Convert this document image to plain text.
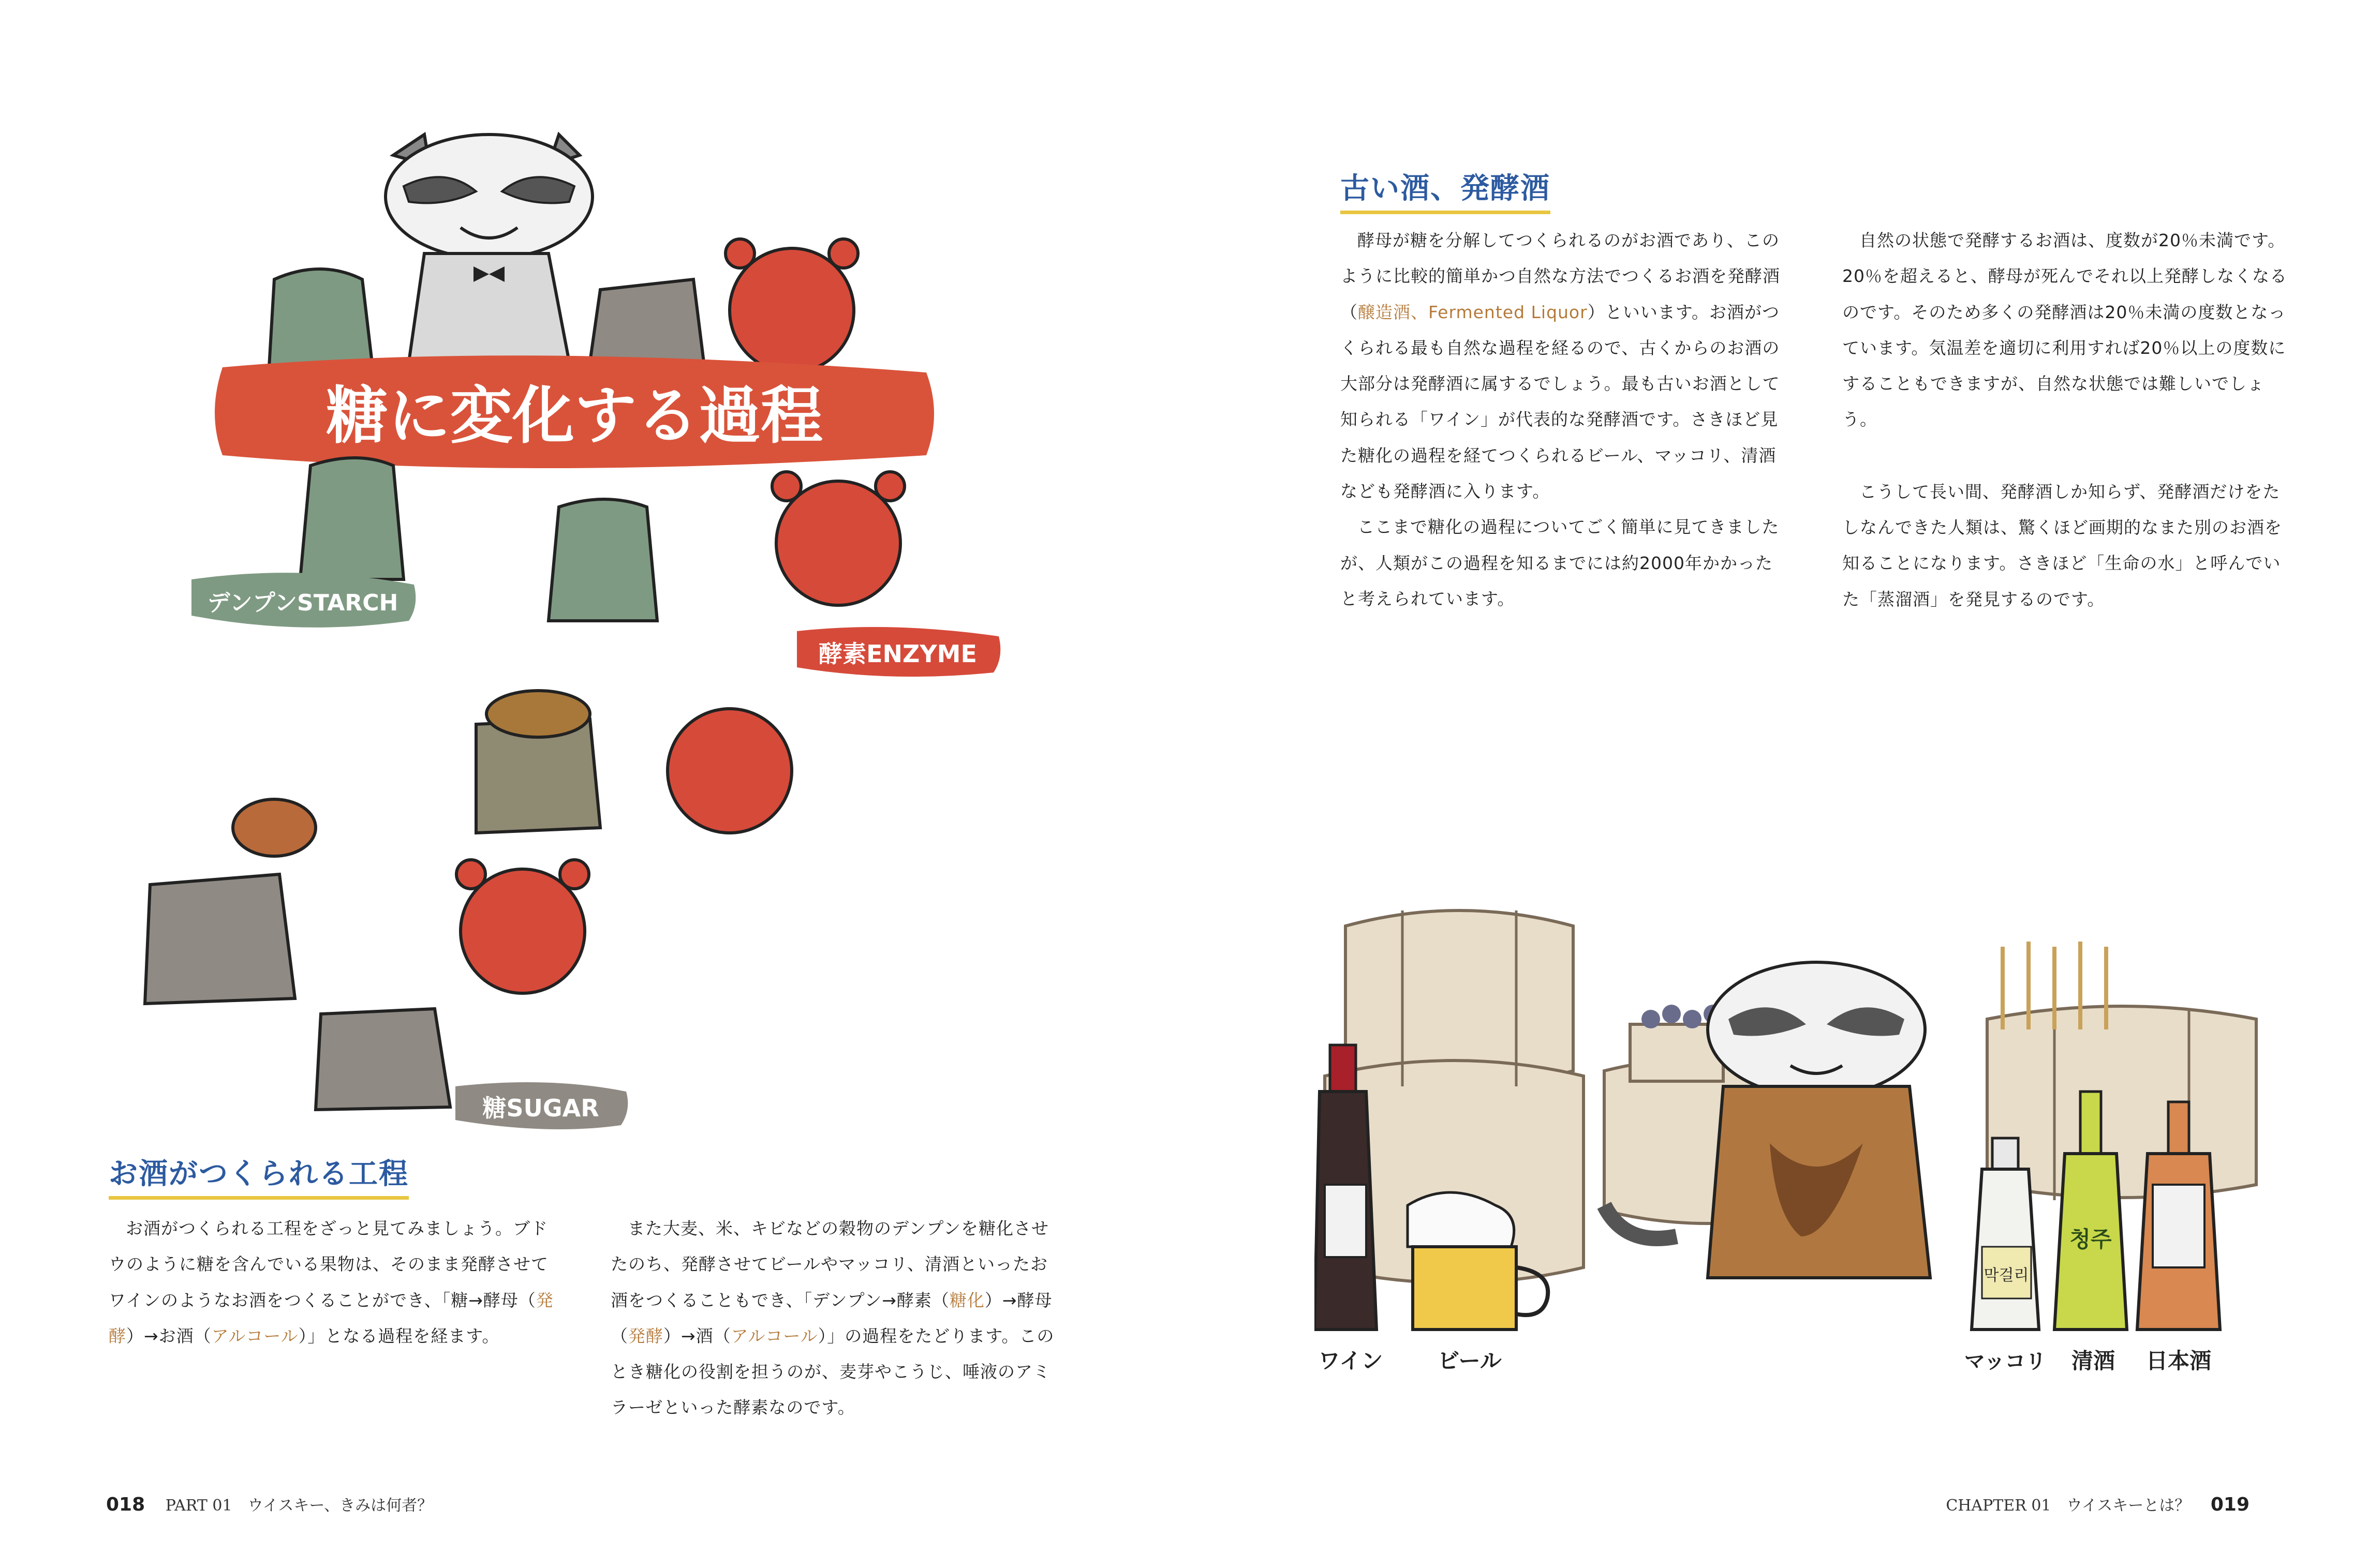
糖に変化する過程
デンプンSTARCH
酵素ENZYME
糖SUGAR
お酒がつくられる工程

お酒がつくられる工程をざっと見てみましょう。ブドウのように糖を含んでいる果物は、そのまま発酵させてワインのようなお酒をつくることができ、「糖→酵母（発酵）→お酒（アルコール）」となる過程を経ます。

また大麦、米、キビなどの穀物のデンプンを糖化させたのち、発酵させてビールやマッコリ、清酒といったお酒をつくることもでき、「デンプン→酵素（糖化）→酵母（発酵）→酒（アルコール）」の過程をたどります。このとき糖化の役割を担うのが、麦芽やこうじ、唾液のアミラーゼといった酵素なのです。

古い酒、発酵酒

酵母が糖を分解してつくられるのがお酒であり、このように比較的簡単かつ自然な方法でつくるお酒を発酵酒（醸造酒、Fermented Liquor）といいます。お酒がつくられる最も自然な過程を経るので、古くからのお酒の大部分は発酵酒に属するでしょう。最も古いお酒として知られる「ワイン」が代表的な発酵酒です。さきほど見た糖化の過程を経てつくられるビール、マッコリ、清酒なども発酵酒に入ります。

ここまで糖化の過程についてごく簡単に見てきましたが、人類がこの過程を知るまでには約2000年かかったと考えられています。

自然の状態で発酵するお酒は、度数が20％未満です。20％を超えると、酵母が死んでそれ以上発酵しなくなるのです。そのため多くの発酵酒は20％未満の度数となっています。気温差を適切に利用すれば20％以上の度数にすることもできますが、自然な状態では難しいでしょう。

こうして長い間、発酵酒しか知らず、発酵酒だけをたしなんできた人類は、驚くほど画期的なまた別のお酒を知ることになります。さきほど「生命の水」と呼んでいた「蒸溜酒」を発見するのです。

막걸리
청주
ワイン	ビール	マッコリ 清酒 日本酒
018 PART 01　ウイスキー、きみは何者？	CHAPTER 01　ウイスキーとは？ 019
